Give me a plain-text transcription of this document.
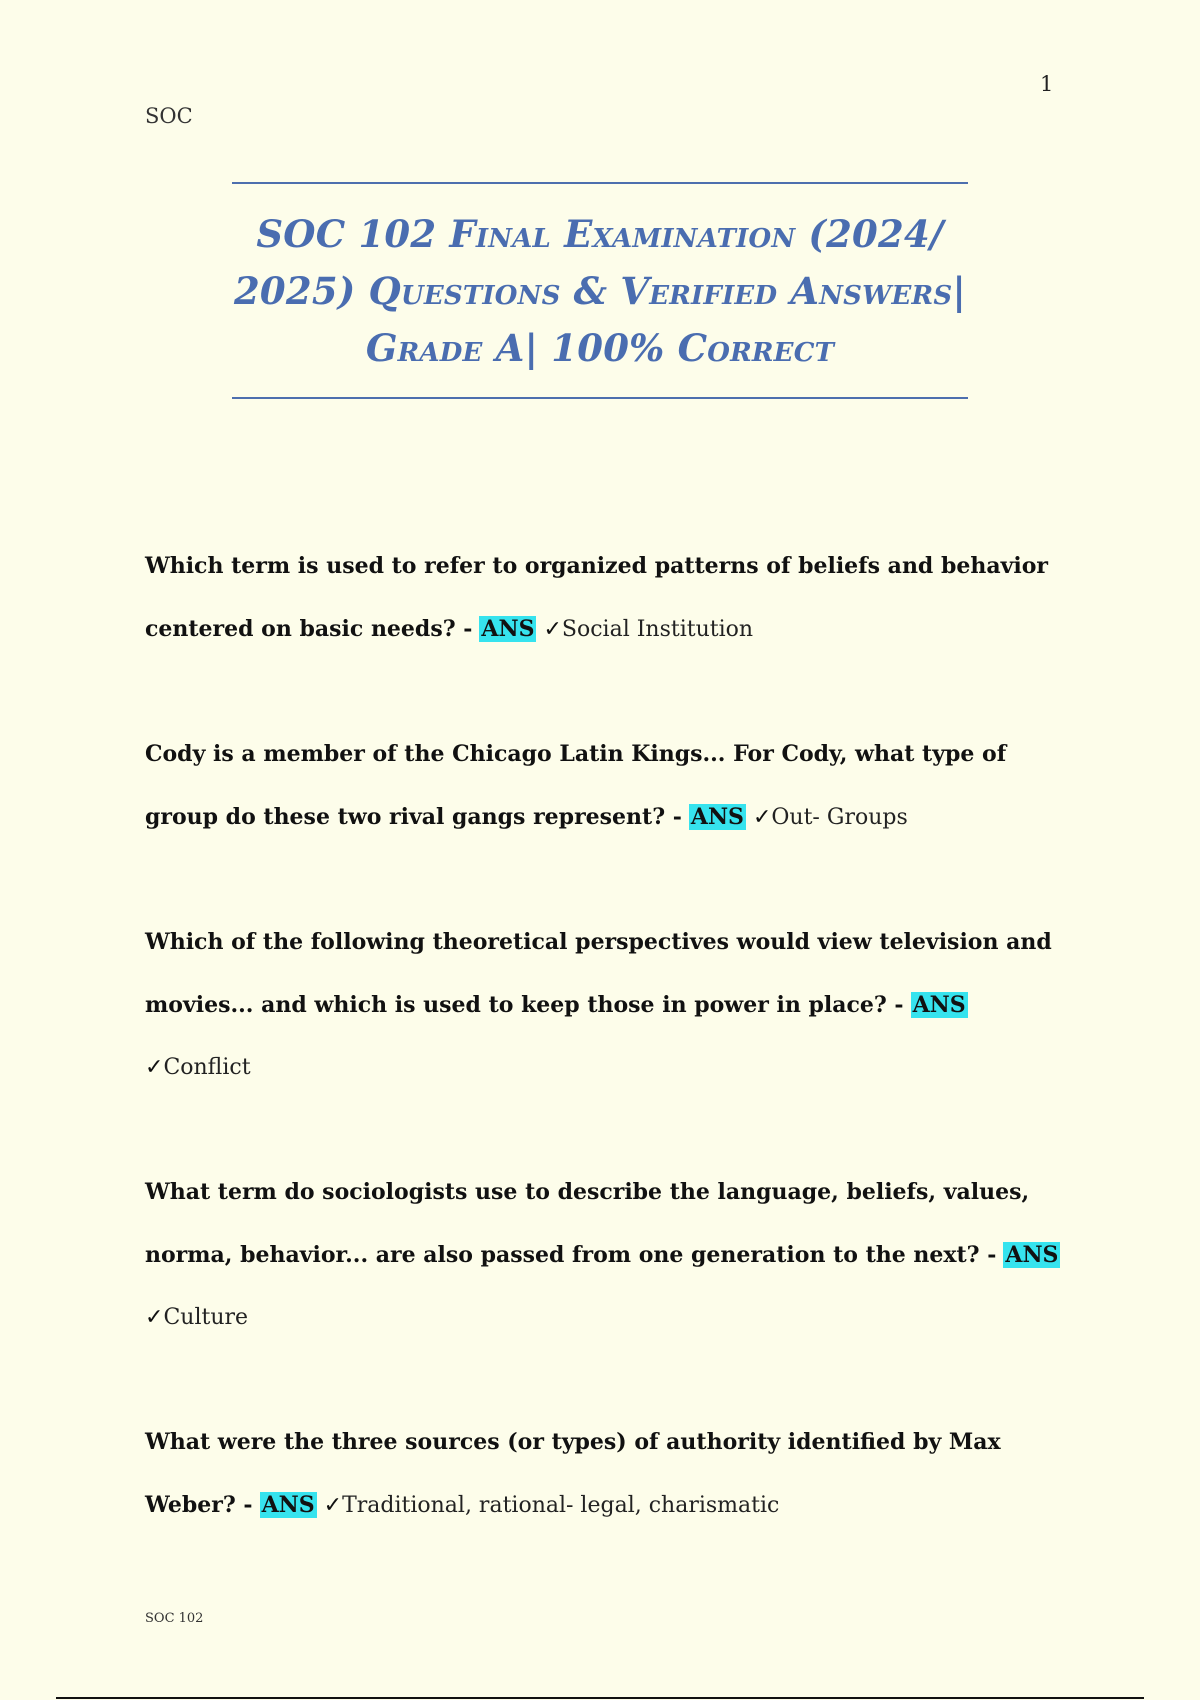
1
SOC
SOC 102 Final Examination (2024/ 2025) Questions & Verified Answers| Grade A| 100% Correct
Which term is used to refer to organized patterns of beliefs and behavior centered on basic needs? - ANS ✓Social Institution
Cody is a member of the Chicago Latin Kings... For Cody, what type of group do these two rival gangs represent? - ANS ✓Out- Groups
Which of the following theoretical perspectives would view television and movies... and which is used to keep those in power in place? - ANS ✓Conflict
What term do sociologists use to describe the language, beliefs, values, norma, behavior... are also passed from one generation to the next? - ANS ✓Culture
What were the three sources (or types) of authority identified by Max Weber? - ANS ✓Traditional, rational- legal, charismatic
SOC 102
